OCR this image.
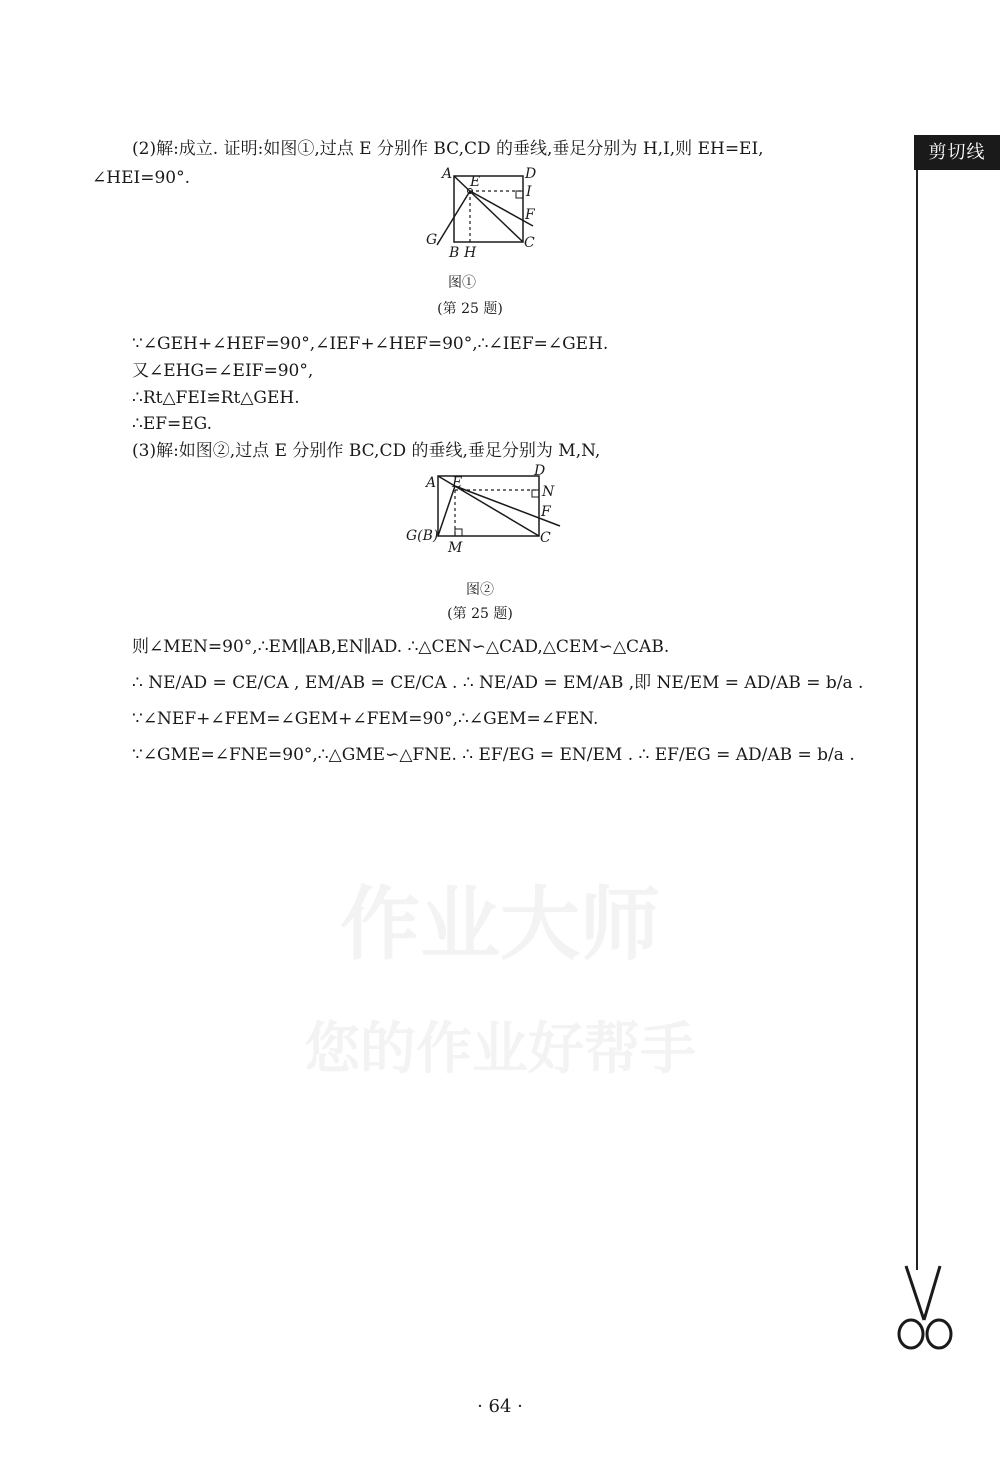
作业大师
您的作业好帮手
剪切线
(2)解:成立. 证明:如图①,过点 E 分别作 BC,CD 的垂线,垂足分别为 H,I,则 EH=EI,
∠HEI=90°.	A E	D
I
F
G
B H
C
图①
(第 25 题)
∵∠GEH+∠HEF=90°,∠IEF+∠HEF=90°,∴∠IEF=∠GEH.
又∠EHG=∠EIF=90°,
∴Rt△FEI≌Rt△GEH.
∴EF=EG.
(3)解:如图②,过点 E 分别作 BC,CD 的垂线,垂足分别为 M,N,
A E
D
N
F
G(B)
M
C
图②
(第 25 题)
则∠MEN=90°,∴EM∥AB,EN∥AD. ∴△CEN∽△CAD,△CEM∽△CAB.
∴ NE/AD = CE/CA , EM/AB = CE/CA . ∴ NE/AD = EM/AB ,即 NE/EM = AD/AB = b/a .
∵∠NEF+∠FEM=∠GEM+∠FEM=90°,∴∠GEM=∠FEN.
∵∠GME=∠FNE=90°,∴△GME∽△FNE. ∴ EF/EG = EN/EM . ∴ EF/EG = AD/AB = b/a .
· 64 ·
